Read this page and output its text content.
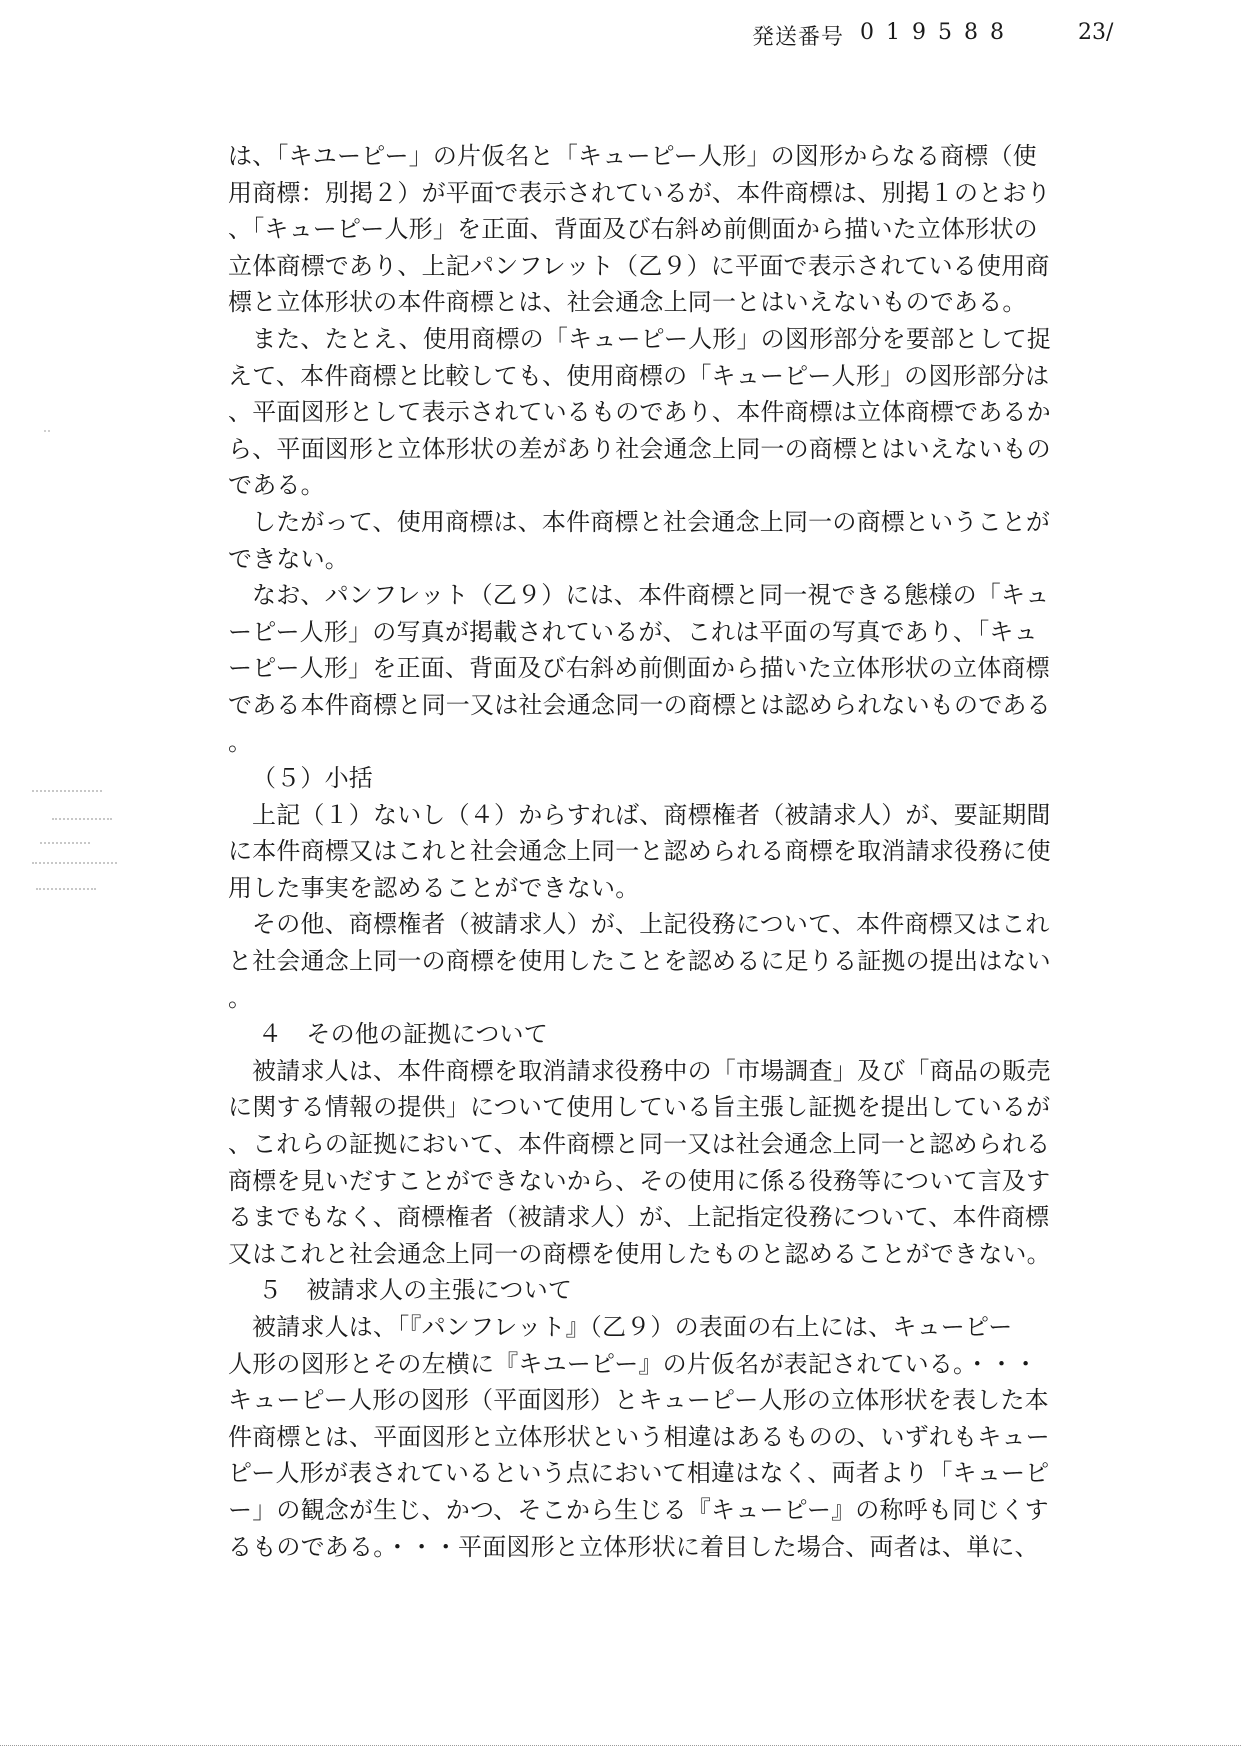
発送番号 019588	23/
は、「キユーピー」の片仮名と「キューピー人形」の図形からなる商標（使
用商標：別掲２）が平面で表示されているが、本件商標は、別掲１のとおり
、「キューピー人形」を正面、背面及び右斜め前側面から描いた立体形状の
立体商標であり、上記パンフレット（乙９）に平面で表示されている使用商
標と立体形状の本件商標とは、社会通念上同一とはいえないものである。
また、たとえ、使用商標の「キューピー人形」の図形部分を要部として捉
えて、本件商標と比較しても、使用商標の「キューピー人形」の図形部分は
、平面図形として表示されているものであり、本件商標は立体商標であるか
ら、平面図形と立体形状の差があり社会通念上同一の商標とはいえないもの
である。
したがって、使用商標は、本件商標と社会通念上同一の商標ということが
できない。
なお、パンフレット（乙９）には、本件商標と同一視できる態様の「キュ
ーピー人形」の写真が掲載されているが、これは平面の写真であり、「キュ
ーピー人形」を正面、背面及び右斜め前側面から描いた立体形状の立体商標
である本件商標と同一又は社会通念同一の商標とは認められないものである
。
（５）小括
上記（１）ないし（４）からすれば、商標権者（被請求人）が、要証期間
に本件商標又はこれと社会通念上同一と認められる商標を取消請求役務に使
用した事実を認めることができない。
その他、商標権者（被請求人）が、上記役務について、本件商標又はこれ
と社会通念上同一の商標を使用したことを認めるに足りる証拠の提出はない
。
４　その他の証拠について
被請求人は、本件商標を取消請求役務中の「市場調査」及び「商品の販売
に関する情報の提供」について使用している旨主張し証拠を提出しているが
、これらの証拠において、本件商標と同一又は社会通念上同一と認められる
商標を見いだすことができないから、その使用に係る役務等について言及す
るまでもなく、商標権者（被請求人）が、上記指定役務について、本件商標
又はこれと社会通念上同一の商標を使用したものと認めることができない。
５　被請求人の主張について
被請求人は、「『パンフレット』（乙９）の表面の右上には、キューピー
人形の図形とその左横に『キユーピー』の片仮名が表記されている。・・・
キューピー人形の図形（平面図形）とキューピー人形の立体形状を表した本
件商標とは、平面図形と立体形状という相違はあるものの、いずれもキュー
ピー人形が表されているという点において相違はなく、両者より「キューピ
ー」の観念が生じ、かつ、そこから生じる『キューピー』の称呼も同じくす
るものである。・・・平面図形と立体形状に着目した場合、両者は、単に、
